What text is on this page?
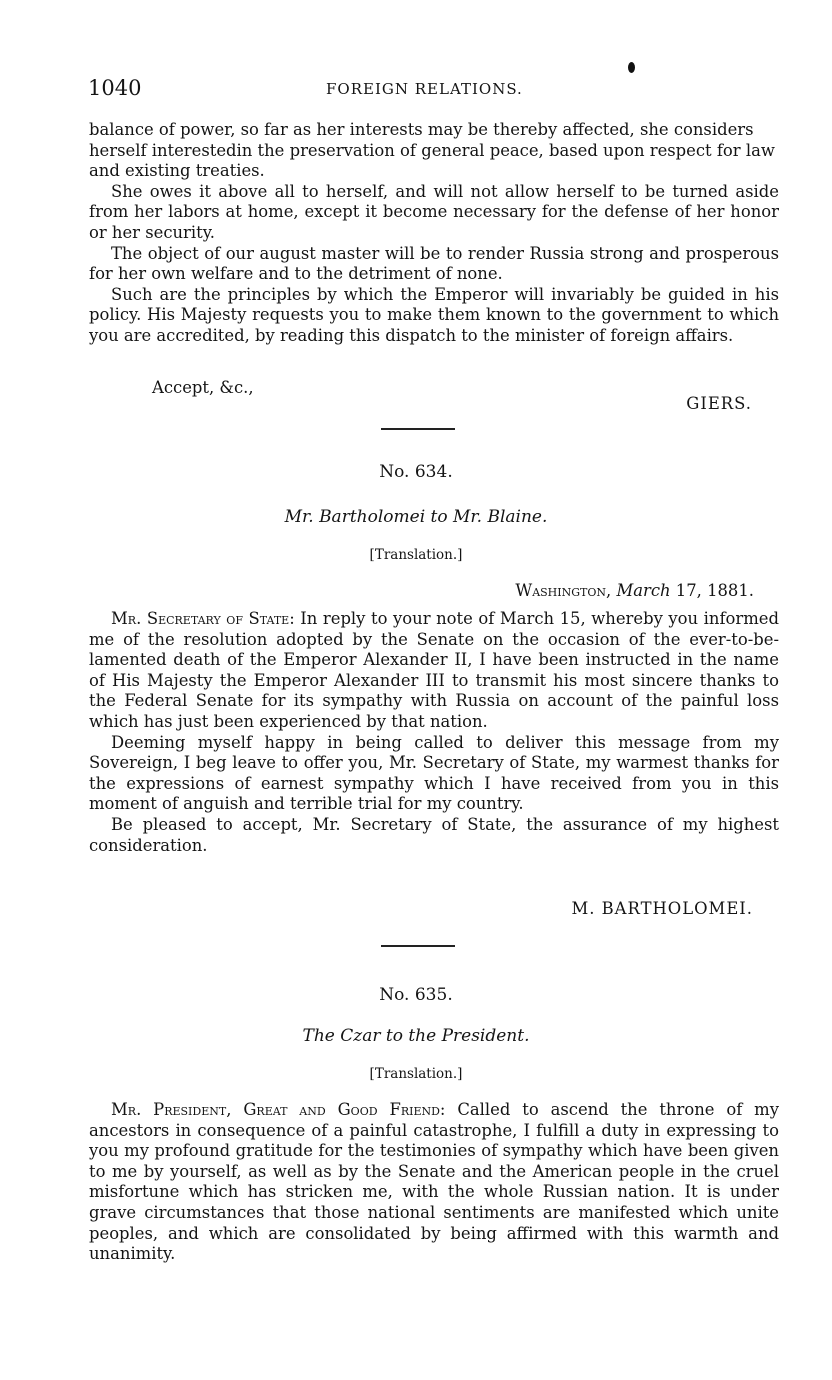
1040	FOREIGN RELATIONS.

balance of power, so far as her interests may be thereby affected, she considers herself interestedin the preservation of general peace, based upon respect for law and existing treaties.

She owes it above all to herself, and will not allow herself to be turned aside from her labors at home, except it become necessary for the defense of her honor or her security.

The object of our august master will be to render Russia strong and prosperous for her own welfare and to the detriment of none.

Such are the principles by which the Emperor will invariably be guided in his policy. His Majesty requests you to make them known to the government to which you are accredited, by reading this dispatch to the minister of foreign affairs.

Accept, &c.,
GIERS.
No. 634.
Mr. Bartholomei to Mr. Blaine.
[Translation.]
Washington, March 17, 1881.

Mr. Secretary of State: In reply to your note of March 15, whereby you informed me of the resolution adopted by the Senate on the occasion of the ever-to-be-lamented death of the Emperor Alexander II, I have been instructed in the name of His Majesty the Emperor Alexander III to transmit his most sincere thanks to the Federal Senate for its sympathy with Russia on account of the painful loss which has just been experienced by that nation.

Deeming myself happy in being called to deliver this message from my Sovereign, I beg leave to offer you, Mr. Secretary of State, my warmest thanks for the expressions of earnest sympathy which I have received from you in this moment of anguish and terrible trial for my country.

Be pleased to accept, Mr. Secretary of State, the assurance of my highest consideration.

M. BARTHOLOMEI.
No. 635.
The Czar to the President.
[Translation.]

Mr. President, Great and Good Friend: Called to ascend the throne of my ancestors in consequence of a painful catastrophe, I fulfill a duty in expressing to you my profound gratitude for the testimonies of sympathy which have been given to me by yourself, as well as by the Senate and the American people in the cruel misfortune which has stricken me, with the whole Russian nation. It is under grave circumstances that those national sentiments are manifested which unite peoples, and which are consolidated by being affirmed with this warmth and unanimity.
